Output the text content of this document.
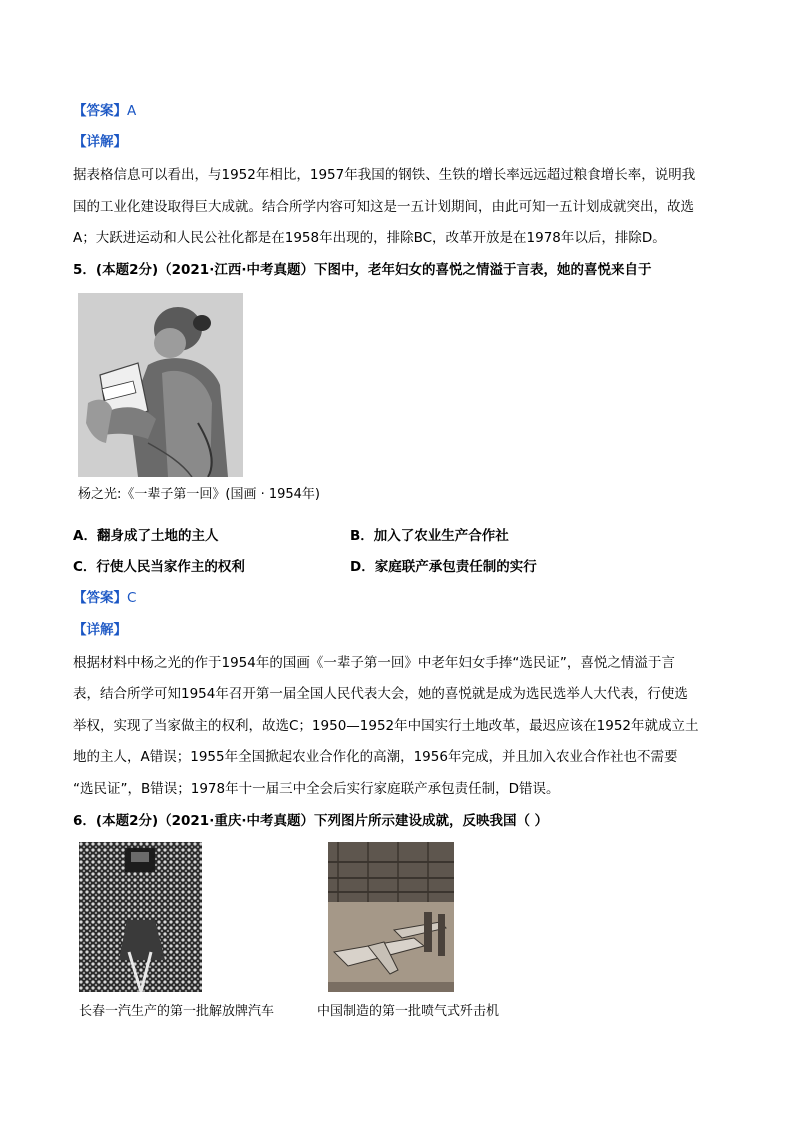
【答案】A
【详解】
据表格信息可以看出，与1952年相比，1957年我国的钢铁、生铁的增长率远远超过粮食增长率，说明我
国的工业化建设取得巨大成就。结合所学内容可知这是一五计划期间，由此可知一五计划成就突出，故选
A；大跃进运动和人民公社化都是在1958年出现的，排除BC，改革开放是在1978年以后，排除D。
5．(本题2分)（2021·江西·中考真题）下图中，老年妇女的喜悦之情溢于言表，她的喜悦来自于
杨之光:《一辈子第一回》(国画 · 1954年)
A．翻身成了土地的主人	B．加入了农业生产合作社
C．行使人民当家作主的权利	D．家庭联产承包责任制的实行
【答案】C
【详解】
根据材料中杨之光的作于1954年的国画《一辈子第一回》中老年妇女手捧“选民证”，喜悦之情溢于言
表，结合所学可知1954年召开第一届全国人民代表大会，她的喜悦就是成为选民选举人大代表，行使选
举权，实现了当家做主的权利，故选C；1950—1952年中国实行土地改革，最迟应该在1952年就成立土
地的主人，A错误；1955年全国掀起农业合作化的高潮，1956年完成，并且加入农业合作社也不需要
“选民证”，B错误；1978年十一届三中全会后实行家庭联产承包责任制，D错误。
6．(本题2分)（2021·重庆·中考真题）下列图片所示建设成就，反映我国（ ）
长春一汽生产的第一批解放牌汽车	中国制造的第一批喷气式歼击机
